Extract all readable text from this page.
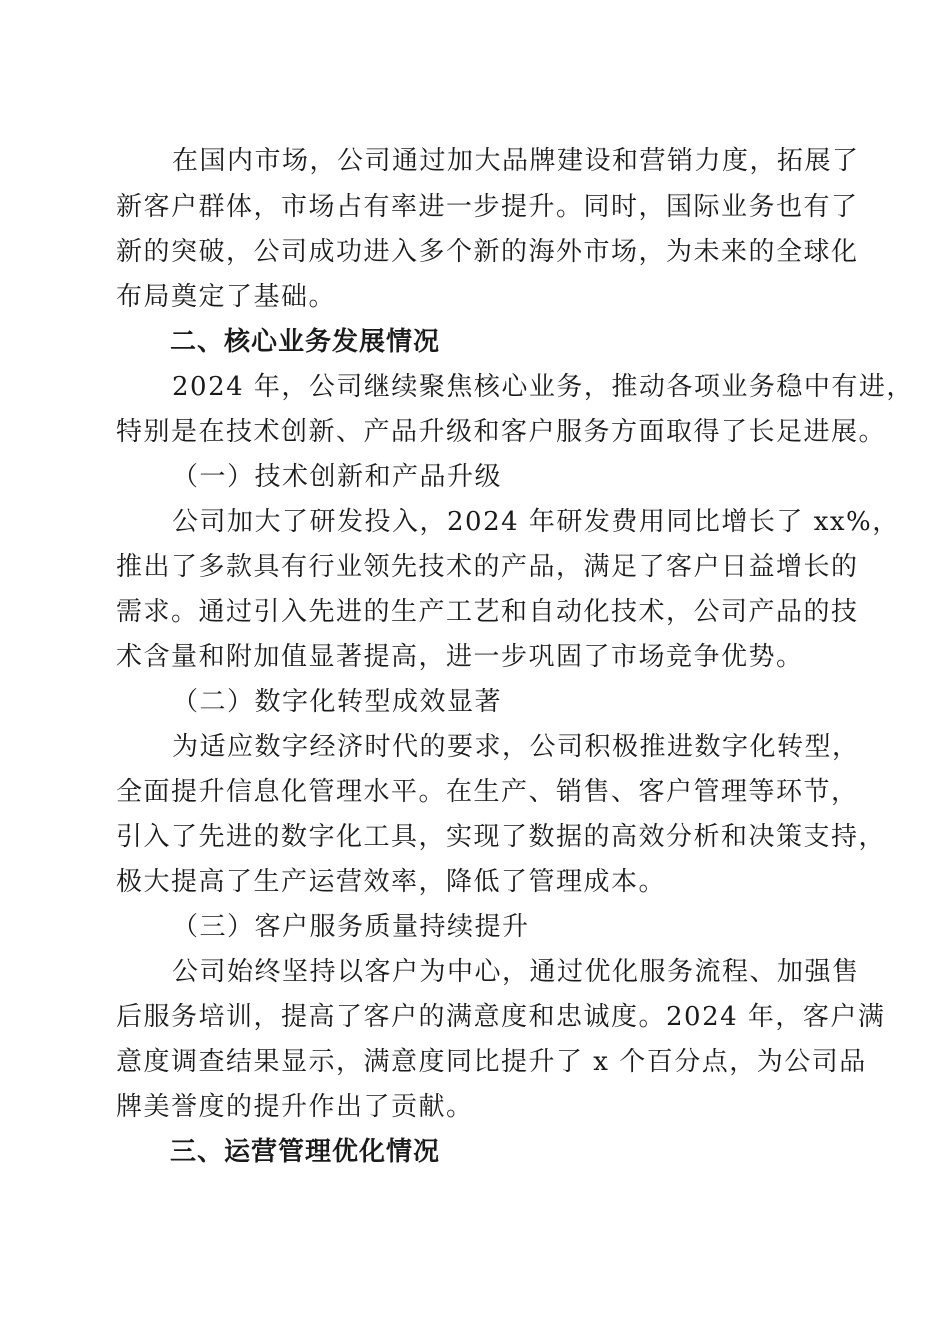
在国内市场，公司通过加大品牌建设和营销力度，拓展了
新客户群体，市场占有率进一步提升。同时，国际业务也有了
新的突破，公司成功进入多个新的海外市场，为未来的全球化
布局奠定了基础。
二、核心业务发展情况
2024 年，公司继续聚焦核心业务，推动各项业务稳中有进，
特别是在技术创新、产品升级和客户服务方面取得了长足进展。
（一）技术创新和产品升级
公司加大了研发投入，2024 年研发费用同比增长了 xx%，
推出了多款具有行业领先技术的产品，满足了客户日益增长的
需求。通过引入先进的生产工艺和自动化技术，公司产品的技
术含量和附加值显著提高，进一步巩固了市场竞争优势。
（二）数字化转型成效显著
为适应数字经济时代的要求，公司积极推进数字化转型，
全面提升信息化管理水平。在生产、销售、客户管理等环节，
引入了先进的数字化工具，实现了数据的高效分析和决策支持，
极大提高了生产运营效率，降低了管理成本。
（三）客户服务质量持续提升
公司始终坚持以客户为中心，通过优化服务流程、加强售
后服务培训，提高了客户的满意度和忠诚度。2024 年，客户满
意度调查结果显示，满意度同比提升了 x 个百分点，为公司品
牌美誉度的提升作出了贡献。
三、运营管理优化情况
